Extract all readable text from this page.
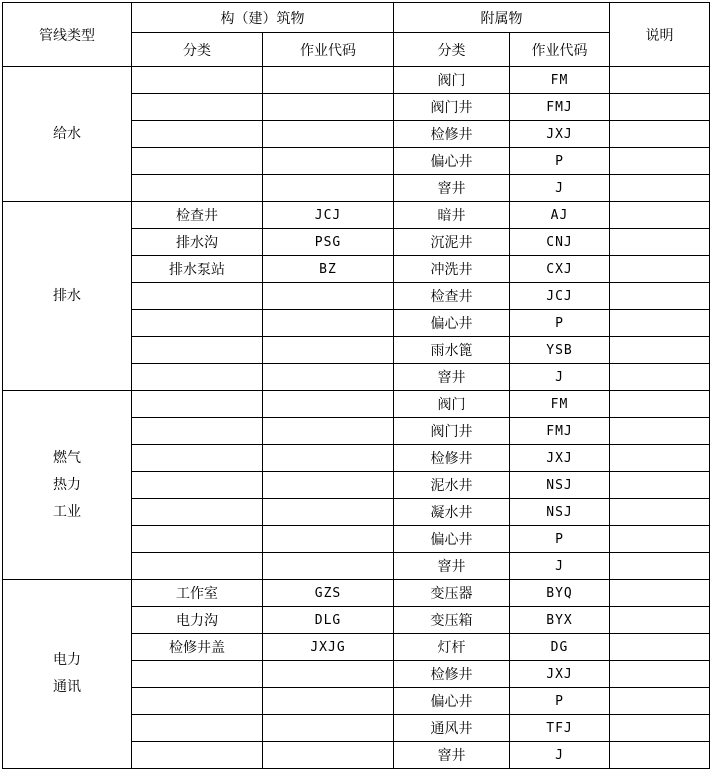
管线类型	构（建）筑物		附属物		说明
	分类	作业代码	分类	作业代码	

给水			阀门	FM	
			阀门井	FMJ	
			检修井	JXJ	
			偏心井	P	
			窨井	J	

排水	检查井	JCJ	暗井	AJ	
	排水沟	PSG	沉泥井	CNJ	
	排水泵站	BZ	冲洗井	CXJ	
			检查井	JCJ	
			偏心井	P	
			雨水篦	YSB	
			窨井	J	

燃气
热力
工业			阀门	FM	
			阀门井	FMJ	
			检修井	JXJ	
			泥水井	NSJ	
			凝水井	NSJ	
			偏心井	P	
			窨井	J	

电力
通讯	工作室	GZS	变压器	BYQ	
	电力沟	DLG	变压箱	BYX	
	检修井盖	JXJG	灯杆	DG	
			检修井	JXJ	
			偏心井	P	
			通风井	TFJ	
			窨井	J	
